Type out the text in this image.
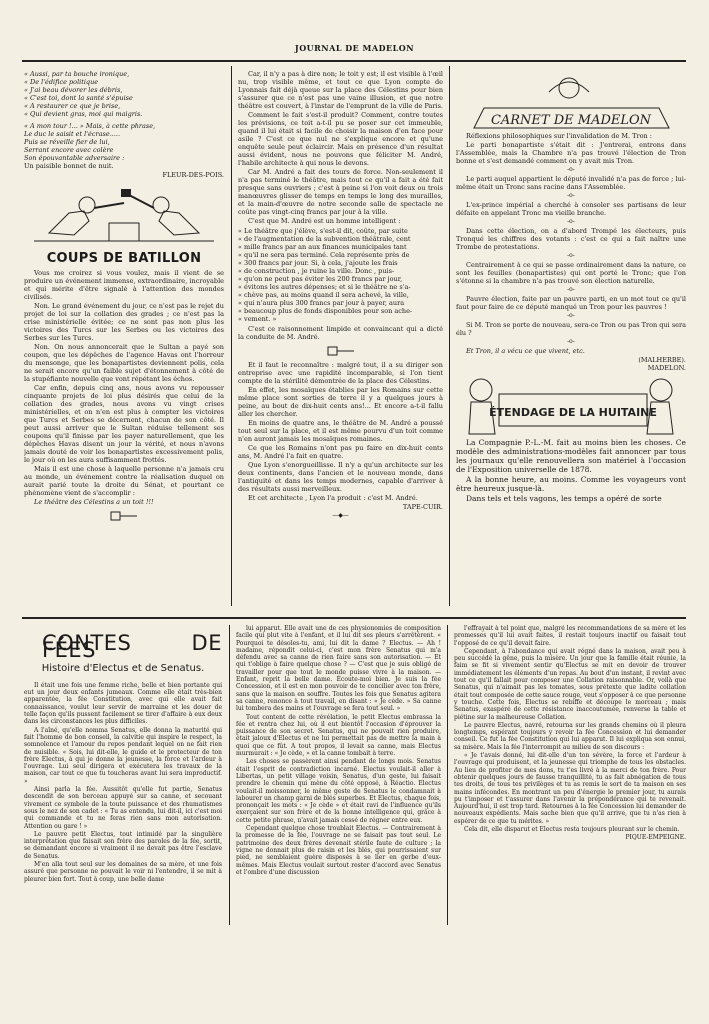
JOURNAL DE MADELON

« Aussi, par ta bouche ironique,

« De l'édifice politique

« J'ai beau dévorer les débris,

« C'est toi, dont la santé s'épuise

« A restaurer ce que je brise,

« Qui devient gras, moi qui maigris.

« A mon tour !... » Mais, à cette phrase,

Le duc le saisit et l'écrase.....

Puis se réveille fier de lui,

Serrant encore avec colère

Son épouvantable adversaire :

Un paisible bonnet de nuit.

FLEUR-DES-POIS.
COUPS DE BATILLON

Vous me croirez si vous voulez, mais il vient de se produire un événement immense, extraordinaire, incroyable et qui mérite d'être signalé à l'attention des mondes civilisés.

Non. Le grand événement du jour, ce n'est pas le rejet du projet de loi sur la collation des grades ; ce n'est pas la crise ministérielle évitée; ce ne sont pas non plus les victoires des Turcs sur les Serbes ou les victoires des Serbes sur les Turcs.

Non. On nous annoncerait que le Sultan a payé son coupon, que les dépêches de l'agence Havas ont l'horreur du mensonge, que les bonapartistes deviennent polis, cela ne serait encore qu'un faible sujet d'étonnement à côté de la stupéfiante nouvelle que vont répétant les échos.

Car enfin, depuis cinq ans, nous avons vu repousser cinquante projets de loi plus désirés que celui de la collation des grades, nous avons vu vingt crises ministérielles, et on n'en est plus à compter les victoires que Turcs et Serbes se décernent, chacun de son côté. Il peut aussi arriver que le Sultan réduise tellement ses coupons qu'il finisse par les payer naturellement, que les dépêches Havas disent un jour la vérité, et nous n'avons jamais douté de voir les bonapartistes excessivement polis, le jour où on les aura suffisamment frottés.

Mais il est une chose à laquelle personne n'a jamais cru au monde, un événement contre la réalisation duquel on aurait parié toute la droite du Sénat, et pourtant ce phénomène vient de s'accomplir :

Le théâtre des Célestins a un toit !!!

Car, il n'y a pas à dire non; le toit y est; il est visible à l'œil nu, trop visible même, et tout ce que Lyon compte de Lyonnais fait déjà queue sur la place des Célestins pour bien s'assurer que ce n'est pas une vaine illusion, et que notre théâtre est couvert, à l'instar de l'emprunt de la ville de Paris.

Comment le fait s'est-il produit? Comment, contre toutes les prévisions, ce toit a-t-il pu se poser sur cet immeuble, quand il lui était si facile de choisir la maison d'en face pour asile ? C'est ce que nul ne s'explique encore et qu'une enquête seule peut éclaircir. Mais en présence d'un résultat aussi évident, nous ne pouvons que féliciter M. André, l'habile architecte à qui nous le devons.

Car M. André a fait des tours de force. Non-seulement il n'a pas terminé le théâtre, mais tout ce qu'il a fait a été fait presque sans ouvriers ; c'est à peine si l'on voit deux ou trois manœuvres glisser de temps en temps le long des murailles, et la main-d'œuvre de notre seconde salle de spectacle ne coûte pas vingt-cinq francs par jour à la ville.

C'est que M. André est un homme intelligent :

« Le théâtre que j'élève, s'est-il dit, coûte, par suite
« de l'augmentation de la subvention théâtrale, cent
« mille francs par an aux finances municipales tant
« qu'il ne sera pas terminé. Cela représente près de
« 300 francs par jour. Si, à cela, j'ajoute les frais
« de construction , je ruine la ville. Donc , puis-
« qu'on ne peut pas éviter les 200 francs par jour,
« évitons les autres dépenses; et si le théâtre ne s'a-
« chève pas, au moins quand il sera achevé, la ville,
« qui n'aura plus 300 francs par jour à payer, aura
« beaucoup plus de fonds disponibles pour son ache-
« vement. »

C'est ce raisonnement limpide et convaincant qui a dicté la conduite de M. André.

Et il faut le reconnaître : malgré tout, il a su diriger son entreprise avec une rapidité incomparable, si l'on tient compte de la stérilité démontrée de la place des Célestins.

En effet, les mosaïques établies par les Romains sur cette même place sont sorties de terre il y a quelques jours à peine, au bout de dix-huit cents ans!... Et encore a-t-il fallu aller les chercher.

En moins de quatre ans, le théâtre de M. André a poussé tout seul sur la place, et il est même pourvu d'un toit comme n'en auront jamais les mosaïques romaines.

Ce que les Romains n'ont pas pu faire en dix-huit cents ans, M. André l'a fait en quatre.

Que Lyon s'enorgueillisse. Il n'y a qu'un architecte sur les deux continents, dans l'ancien et le nouveau monde, dans l'antiquité et dans les temps modernes, capable d'arriver à des résultats aussi merveilleux.

Et cet architecte , Lyon l'a produit : c'est M. André.

TAPE-CUIR.
—◆—
CARNET DE MADELON

Réflexions philosophiques sur l'invalidation de M. Tron :

Le parti bonapartiste s'était dit : J'entrerai, entrons dans l'Assemblée, mais la Chambre n'a pas trouvé l'élection de Tron bonne et s'est demandé comment on y avait mis Tron.

-o-

Le parti auquel appartient le député invalidé n'a pas de force ; lui-même était un Tronc sans racine dans l'Assemblée.

-o-

L'ex-prince impérial a cherché à consoler ses partisans de leur défaite en appelant Tronc ma vieille branche.

-o-

Dans cette élection, on a d'abord Trompé les électeurs, puis Tronqué les chiffres des votants : c'est ce qui a fait naître une Trombe de protestations.

-o-

Centrairement à ce qui se passe ordinairement dans la nature, ce sont les feuilles (bonapartistes) qui ont porté le Tronc; que l'on s'étonne si la chambre n'a pas trouvé son élection naturelle.

-o-

Pauvre élection, faite par un pauvre parti, en un mot tout ce qu'il faut pour faire de ce député manqué un Tron pour les pauvres !

-o-

Si M. Tron se porte de nouveau, sera-ce Tron ou pas Tron qui sera élu ?

-o-

Et Tron, il a vécu ce que vivent, etc.

(MALHERBE).
MADELON.
ÉTENDAGE DE LA HUITAINE

La Compagnie P.-L.-M. fait au moins bien les choses. Ce modèle des administrations-modèles fait annoncer par tous les journaux qu'elle renouvellera son matériel à l'occasion de l'Exposition universelle de 1878.

A la bonne heure, au moins. Comme les voyageurs vont être heureux jusque-là.

Dans tels et tels vagons, les temps a opéré de sorte

CONTES DE FÉES
Histoire d'Electus et de Senatus.

Il était une fois une femme riche, belle et bien portante qui eut un jour deux enfants jumeaux. Comme elle était très-bien apparentée, la fée Constitution, avec qui elle avait fait connaissance, voulut leur servir de marraine et les douer de telle façon qu'ils pussent facilement se tirer d'affaire à eux deux dans les circonstances les plus difficiles.

A l'aîné, qu'elle nomma Senatus, elle donna la maturité qui fait l'homme de bon conseil, la calvitie qui inspire le respect, la somnolence et l'amour du repos pendant lequel on ne fait rien de nuisible. « Sois, lui dit-elle, le guide et le protecteur de ton frère Electus, à qui je donne la jeunesse, la force et l'ardeur à l'ouvrage. Lui seul dirigera et exécutera les travaux de la maison, car tout ce que tu toucheras avant lui sera improductif. »

Ainsi parla la fée. Aussitôt qu'elle fut partie, Senatus descendit de son berceau appuyé sur sa canne, et secouant vivement ce symbole de la toute puissance et des rhumatismes sous le nez de son cadet : « Tu as entendu, lui dit-il, ici c'est moi qui commande et tu ne feras rien sans mon autorisation. Attention ou gare ! »

Le pauvre petit Electus, tout intimidé par la singulière interprétation que faisait son frère des paroles de la fée, sortit, se demandant encore si vraiment il ne devait pas être l'esclave de Senatus.

M'en alla tout seul sur les domaines de sa mère, et une fois assuré que personne ne pouvait le voir ni l'entendre, il se mit à pleurer bien fort. Tout à coup, une belle dame

lui apparut. Elle avait une de ces physionomies de composition facile qui plut vite à l'enfant, et il lui dit ses pleurs s'arrêtèrent. « Pourquoi te désoles-tu, ami, lui dit la dame ? Electus. — Ah ! madame, répondit celui-ci, c'est mon frère Senatus qui m'a défendu avec sa canne de rien faire sans son autorisation. — Et qui t'oblige à faire quelque chose ? — C'est que je suis obligé de travailler pour que tout le monde puisse vivre à la maison. — Enfant, reprit la belle dame. Écoute-moi bien. Je suis la fée Concession, et il est en mon pouvoir de te concilier avec ton frère, sans que la maison en souffre. Toutes les fois que Senatus agitera sa canne, renonce à tout travail, en disant : « Je cède. » Sa canne lui tombera des mains et l'ouvrage se fera tout seul. »

Tout content de cette révélation, le petit Electus embrassa la fée et rentra chez lui, où il eut bientôt l'occasion d'éprouver la puissance de son secret. Senatus, qui ne pouvait rien produire, était jaloux d'Electus et ne lui permettait pas de mettre la main à quoi que ce fût. A tout propos, il levait sa canne, mais Electus murmurait : « Je cède, » et la canne tombait à terre.

Les choses se passèrent ainsi pendant de longs mois. Senatus était l'esprit de contradiction incarné. Electus voulait-il aller à Libertas, un petit village voisin, Senatus, d'un geste, lui faisait prendre le chemin qui mène du côté opposé, à Réactio. Electus voulait-il moissonner, le même geste de Senatus le condamnait à labourer un champ garni de blés superbes. Et Electus, chaque fois, prononçait les mots : « Je cède » et était ravi de l'influence qu'ils exerçaient sur son frère et de la bonne intelligence qui, grâce à cette petite phrase, n'avait jamais cessé de régner entre eux.

Cependant quelque chose troublait Electus. — Contrairement à la promesse de la fée, l'ouvrage ne se faisait pas tout seul. Le patrimoine des deux frères devenait stérile faute de culture ; la vigne ne donnait plus de raisin et les blés, qui pourrissaient sur pied, ne semblaient guère disposés à se lier en gerbe d'eux-mêmes. Mais Electus voulait surtout rester d'accord avec Senatus et l'ombre d'une discussion

l'effrayait à tel point que, malgré les recommandations de sa mère et les promesses qu'il lui avait faites, il restait toujours inactif ou faisait tout l'opposé de ce qu'il devait faire.

Cependant, à l'abondance qui avait régné dans la maison, avait peu à peu succédé la gêne, puis la misère. Un jour que la famille était réunie, la faim se fit si vivement sentir qu'Electus se mit en devoir de trouver immédiatement les éléments d'un repas. Au bout d'un instant, il revint avec tout ce qu'il fallait pour composer une Collation raisonnable. Or, voilà que Senatus, qui n'aimait pas les tomates, sous prétexte que ladite collation était tout composée de cette sauce rouge, veut s'opposer à ce que personne y touche. Cette fois, Electus se rebiffe et découpe le morceau ; mais Senatus, exaspéré de cette résistance inaccoutumée, renverse la table et piétine sur la malheureuse Collation.

Le pauvre Electus, navré, retourna sur les grands chemins où il pleura longtemps, espérant toujours y revoir la fée Concession et lui demander conseil. Ce fut la fée Constitution qui lui apparut. Il lui expliqua son ennui, sa misère. Mais la fée l'interrompit au milieu de son discours :

« Je t'avais donné, lui dit-elle d'un ton sévère, la force et l'ardeur à l'ouvrage qui produisent, et la jeunesse qui triomphe de tous les obstacles. Au lieu de profiter de mes dons, tu t'es livré à la merci de ton frère. Pour obtenir quelques jours de fausse tranquillité, tu as fait abnégation de tous tes droits, de tous tes privilèges et tu as remis le sort de ta maison en ses mains infécondes. En montrant un peu d'énergie le premier jour, tu aurais pu t'imposer et t'assurer dans l'avenir la prépondérance qui te revenait. Aujourd'hui, il est trop tard. Retournes à la fée Concession lui demander de nouveaux expédients. Mais sache bien que qu'il arrive, que tu n'as rien à espérer de ce que tu mérites. »

Cela dit, elle disparut et Electus resta toujours pleurant sur le chemin.

PIQUE-EMPEIGNE.
